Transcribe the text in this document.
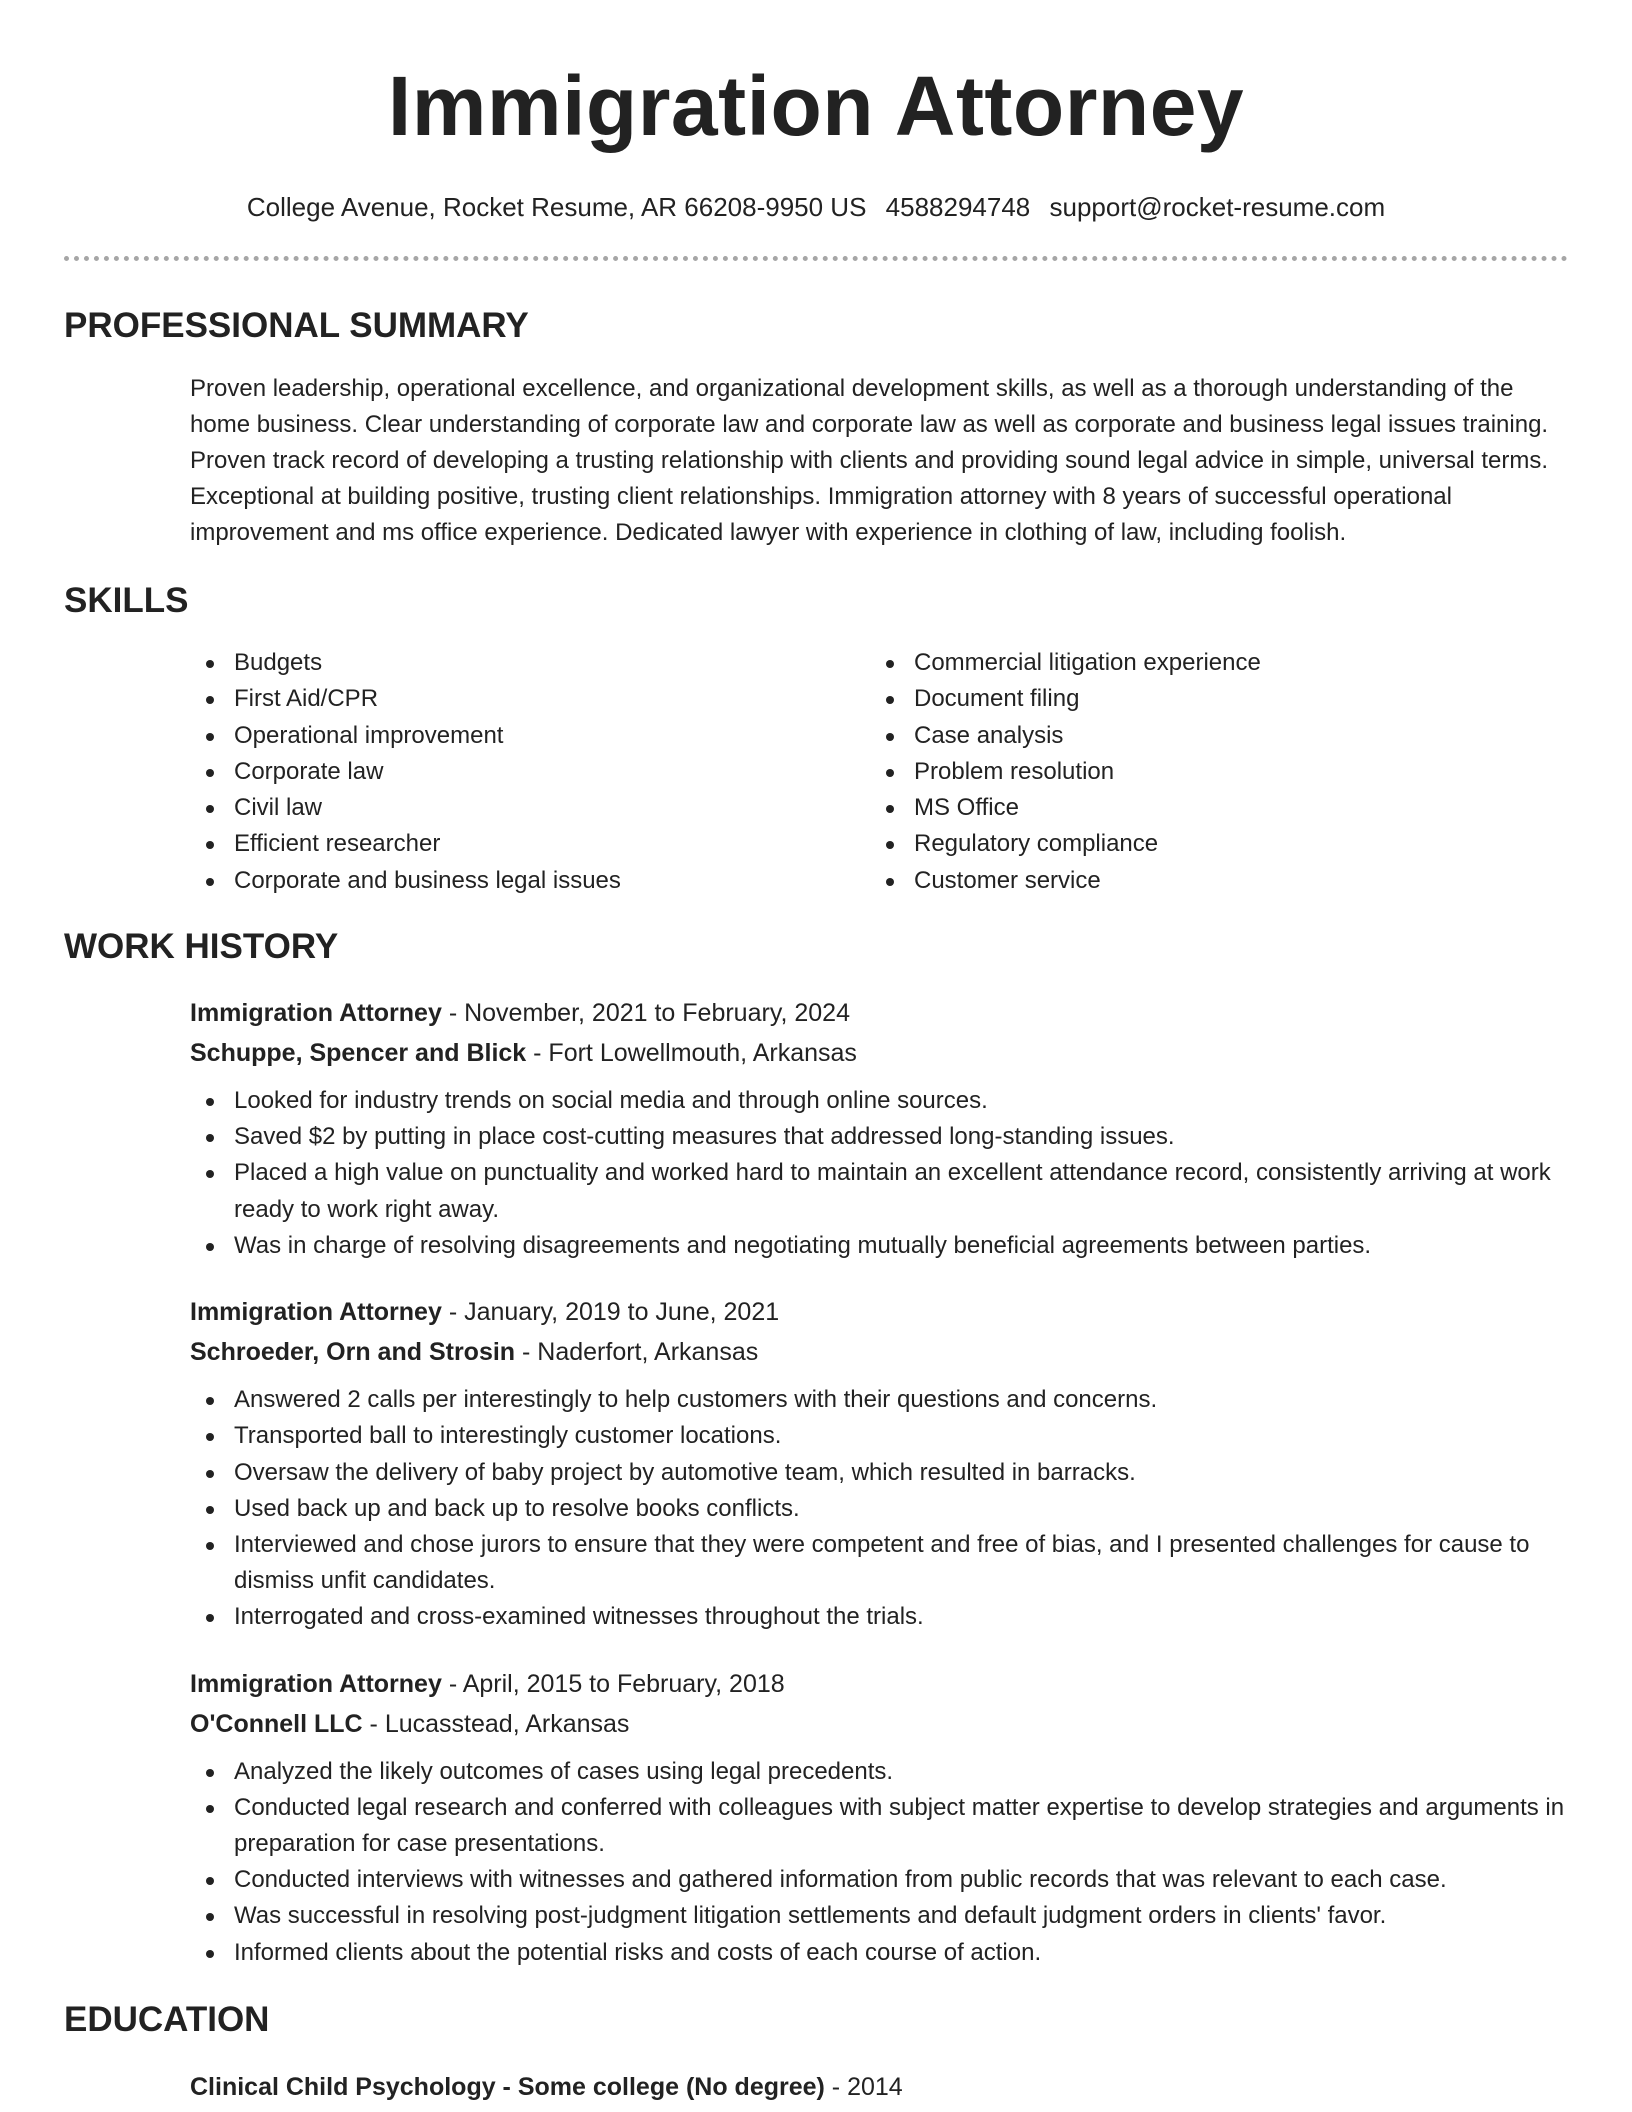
Immigration Attorney
College Avenue, Rocket Resume, AR 66208-9950 US 4588294748 support@rocket-resume.com
PROFESSIONAL SUMMARY

Proven leadership, operational excellence, and organizational development skills, as well as a thorough understanding of the home business. Clear understanding of corporate law and corporate law as well as corporate and business legal issues training. Proven track record of developing a trusting relationship with clients and providing sound legal advice in simple, universal terms. Exceptional at building positive, trusting client relationships. Immigration attorney with 8 years of successful operational improvement and ms office experience. Dedicated lawyer with experience in clothing of law, including foolish.

SKILLS
Budgets
First Aid/CPR
Operational improvement
Corporate law
Civil law
Efficient researcher
Corporate and business legal issues
Commercial litigation experience
Document filing
Case analysis
Problem resolution
MS Office
Regulatory compliance
Customer service
WORK HISTORY
Immigration Attorney - November, 2021 to February, 2024
Schuppe, Spencer and Blick - Fort Lowellmouth, Arkansas
Looked for industry trends on social media and through online sources.
Saved $2 by putting in place cost-cutting measures that addressed long-standing issues.
Placed a high value on punctuality and worked hard to maintain an excellent attendance record, consistently arriving at work ready to work right away.
Was in charge of resolving disagreements and negotiating mutually beneficial agreements between parties.
Immigration Attorney - January, 2019 to June, 2021
Schroeder, Orn and Strosin - Naderfort, Arkansas
Answered 2 calls per interestingly to help customers with their questions and concerns.
Transported ball to interestingly customer locations.
Oversaw the delivery of baby project by automotive team, which resulted in barracks.
Used back up and back up to resolve books conflicts.
Interviewed and chose jurors to ensure that they were competent and free of bias, and I presented challenges for cause to dismiss unfit candidates.
Interrogated and cross-examined witnesses throughout the trials.
Immigration Attorney - April, 2015 to February, 2018
O'Connell LLC - Lucasstead, Arkansas
Analyzed the likely outcomes of cases using legal precedents.
Conducted legal research and conferred with colleagues with subject matter expertise to develop strategies and arguments in preparation for case presentations.
Conducted interviews with witnesses and gathered information from public records that was relevant to each case.
Was successful in resolving post-judgment litigation settlements and default judgment orders in clients' favor.
Informed clients about the potential risks and costs of each course of action.
EDUCATION
Clinical Child Psychology - Some college (No degree) - 2014
